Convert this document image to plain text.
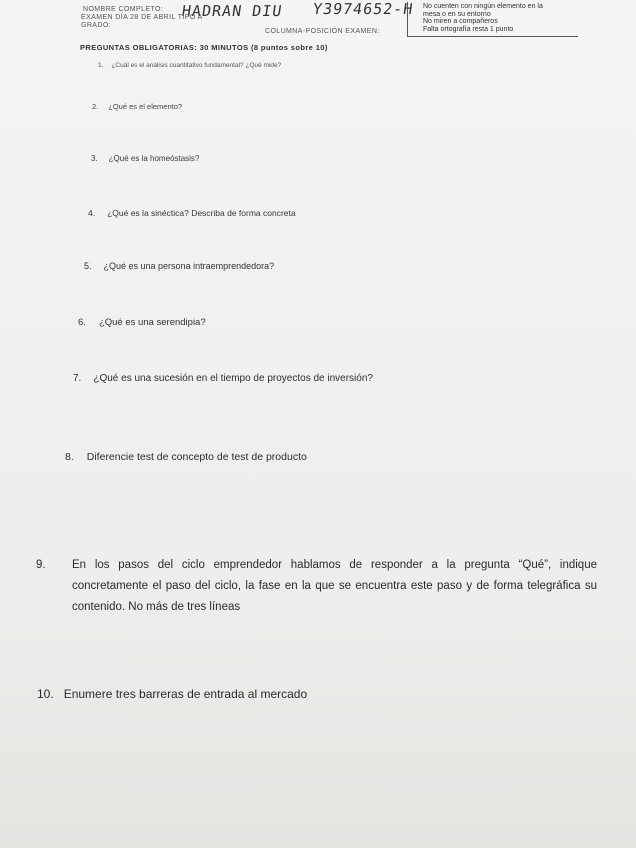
NOMBRE COMPLETO: HADRAN DIU Y3974652-H
EXAMEN DÍA 28 DE ABRIL TIPO A
GRADO:
COLUMNA-POSICIÓN EXAMEN:
No cuenten con ningún elemento en la
mesa o en su entorno
No miren a compañeros
Falta ortografía resta 1 punto
PREGUNTAS OBLIGATORIAS: 30 MINUTOS (8 puntos sobre 10)
1. ¿Cuál es el análisis cuantitativo fundamental? ¿Qué mide?
2. ¿Qué es el elemento?
3. ¿Qué es la homeóstasis?
4. ¿Qué es la sinéctica? Describa de forma concreta
5. ¿Qué es una persona intraemprendedora?
6. ¿Qué es una serendipia?
7. ¿Qué es una sucesión en el tiempo de proyectos de inversión?
8. Diferencie test de concepto de test de producto
9.	En los pasos del ciclo emprendedor hablamos de responder a la pregunta “Qué”, indique concretamente el paso del ciclo, la fase en la que se encuentra este paso y de forma telegráfica su contenido. No más de tres líneas
10. Enumere tres barreras de entrada al mercado
